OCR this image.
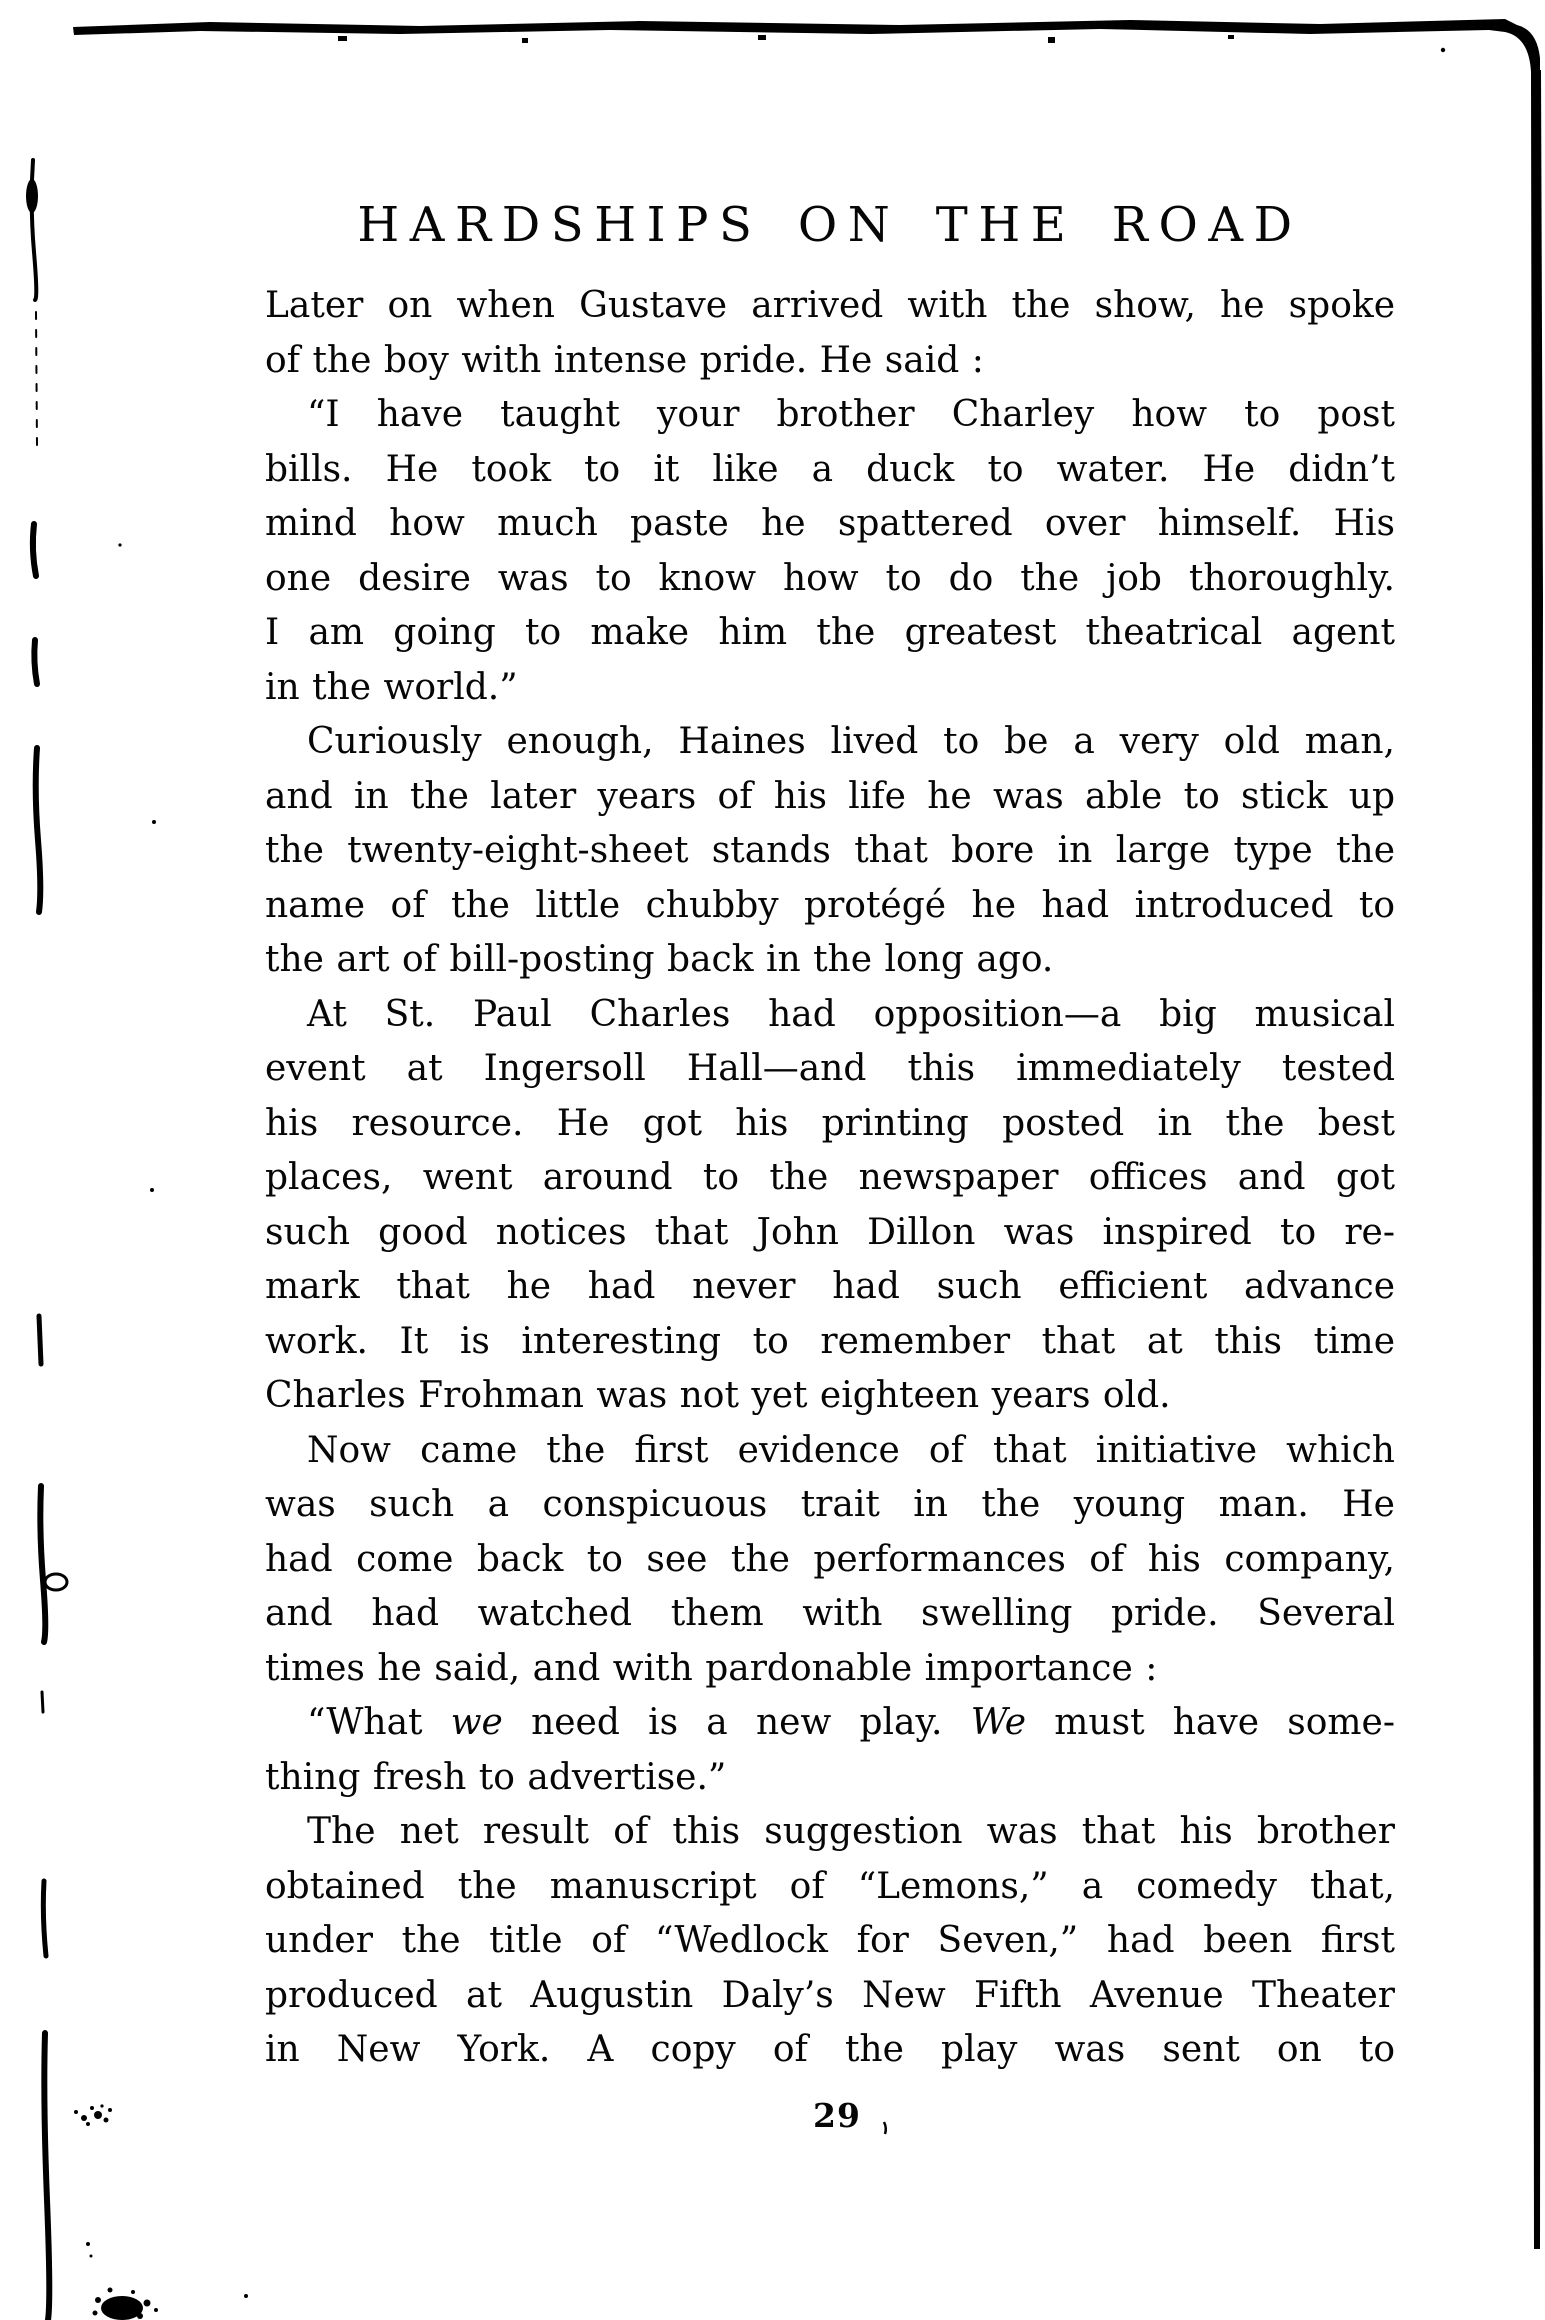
HARDSHIPS ON THE ROAD
Later on when Gustave arrived with the show, he spoke
of the boy with intense pride. He said :
“I have taught your brother Charley how to post
bills. He took to it like a duck to water. He didn’t
mind how much paste he spattered over himself. His
one desire was to know how to do the job thoroughly.
I am going to make him the greatest theatrical agent
in the world.”
Curiously enough, Haines lived to be a very old man,
and in the later years of his life he was able to stick up
the twenty-eight-sheet stands that bore in large type the
name of the little chubby protégé he had introduced to
the art of bill-posting back in the long ago.
At St. Paul Charles had opposition—a big musical
event at Ingersoll Hall—and this immediately tested
his resource. He got his printing posted in the best
places, went around to the newspaper offices and got
such good notices that John Dillon was inspired to re-
mark that he had never had such efficient advance
work. It is interesting to remember that at this time
Charles Frohman was not yet eighteen years old.
Now came the first evidence of that initiative which
was such a conspicuous trait in the young man. He
had come back to see the performances of his company,
and had watched them with swelling pride. Several
times he said, and with pardonable importance :
“What we need is a new play. We must have some-
thing fresh to advertise.”
The net result of this suggestion was that his brother
obtained the manuscript of “Lemons,” a comedy that,
under the title of “Wedlock for Seven,” had been first
produced at Augustin Daly’s New Fifth Avenue Theater
in New York. A copy of the play was sent on to
29
